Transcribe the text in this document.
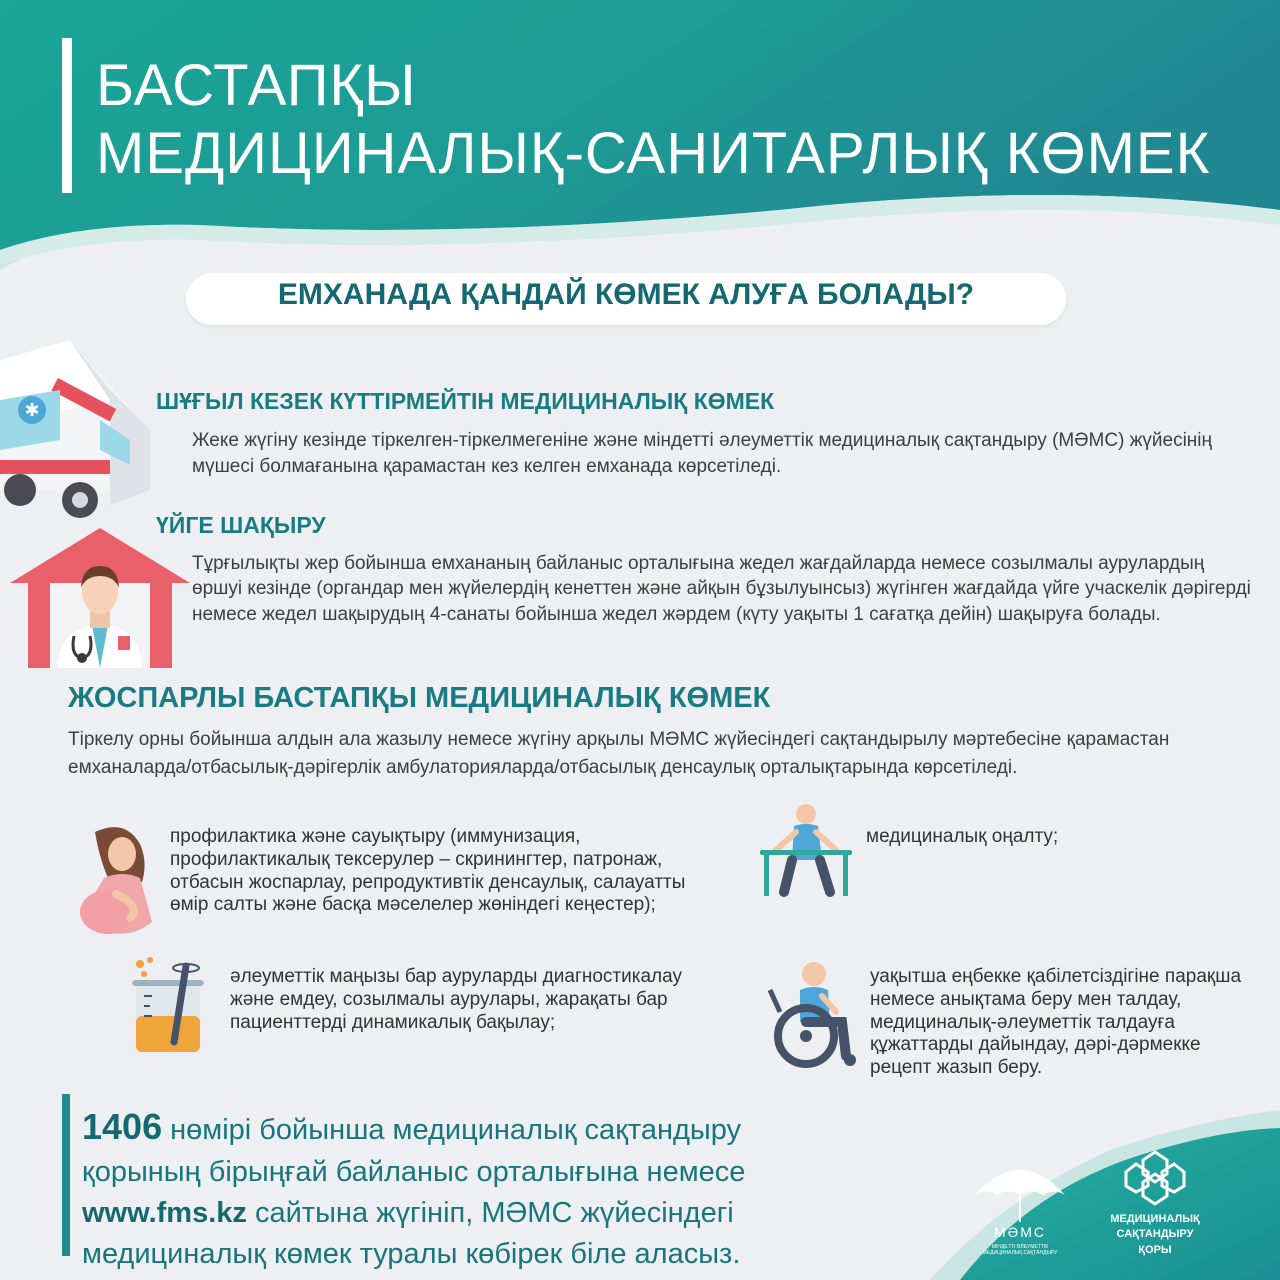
БАСТАПҚЫ
МЕДИЦИНАЛЫҚ-САНИТАРЛЫҚ КӨМЕК
ЕМХАНАДА ҚАНДАЙ КӨМЕК АЛУҒА БОЛАДЫ?
✱	ШҰҒЫЛ КЕЗЕК КҮТТІРМЕЙТІН МЕДИЦИНАЛЫҚ КӨМЕК
Жеке жүгіну кезінде тіркелген-тіркелмегеніне және міндетті әлеуметтік медициналық сақтандыру (МӘМС) жүйесінің мүшесі болмағанына қарамастан кез келген емханада көрсетіледі.
ҮЙГЕ ШАҚЫРУ
Тұрғылықты жер бойынша емхананың байланыс орталығына жедел жағдайларда немесе созылмалы аурулардың өршуі кезінде (органдар мен жүйелердің кенеттен және айқын бұзылуынсыз) жүгінген жағдайда үйге учаскелік дәрігерді немесе жедел шақырудың 4-санаты бойынша жедел жәрдем (күту уақыты 1 сағатқа дейін) шақыруға болады.
ЖОСПАРЛЫ БАСТАПҚЫ МЕДИЦИНАЛЫҚ КӨМЕК
Тіркелу орны бойынша алдын ала жазылу немесе жүгіну арқылы МӘМС жүйесіндегі сақтандырылу мәртебесіне қарамастан емханаларда/отбасылық-дәрігерлік амбулаторияларда/отбасылық денсаулық орталықтарында көрсетіледі.
профилактика және сауықтыру (иммунизация, профилактикалық тексерулер – скринингтер, патронаж, отбасын жоспарлау, репродуктивтік денсаулық, салауатты өмір салты және басқа мәселелер жөніндегі кеңестер);
медициналық оңалту;
әлеуметтік маңызы бар ауруларды диагностикалау және емдеу, созылмалы аурулары, жарақаты бар пациенттерді динамикалық бақылау;
уақытша еңбекке қабілетсіздігіне парақша немесе анықтама беру мен талдау, медициналық-әлеуметтік талдауға құжаттарды дайындау, дәрі-дәрмекке рецепт жазып беру.
1406 нөмірі бойынша медициналық сақтандыру қорының бірыңғай байланыс орталығына немесе www.fms.kz сайтына жүгініп, МӘМС жүйесіндегі медициналық көмек туралы көбірек біле аласыз.
МӘМС
МІНДЕТТІ ӘЛЕУМЕТТІК МЕДИЦИНАЛЫҚ САҚТАНДЫРУ
МЕДИЦИНАЛЫҚ
САҚТАНДЫРУ
ҚОРЫ
